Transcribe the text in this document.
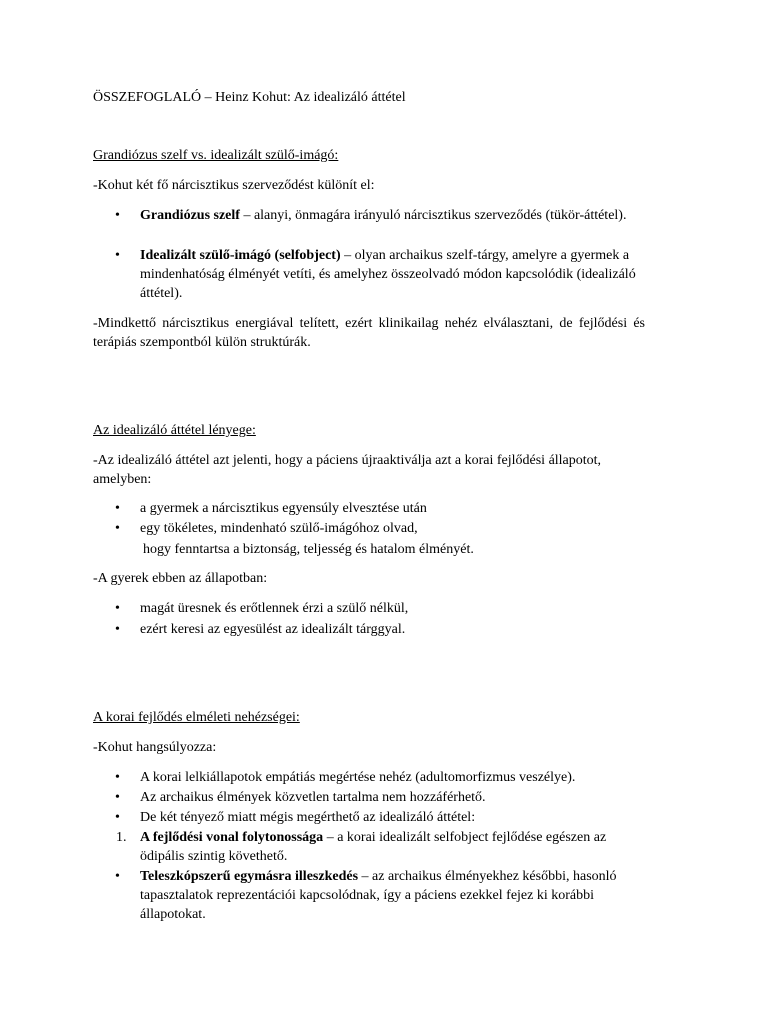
ÖSSZEFOGLALÓ – Heinz Kohut: Az idealizáló áttétel
Grandiózus szelf vs. idealizált szülő-imágó:
-Kohut két fő nárcisztikus szerveződést különít el:
• Grandiózus szelf – alanyi, önmagára irányuló nárcisztikus szerveződés (tükör-áttétel).

• Idealizált szülő-imágó (selfobject) – olyan archaikus szelf-tárgy, amelyre a gyermek a mindenhatóság élményét vetíti, és amelyhez összeolvadó módon kapcsolódik (idealizáló áttétel).

-Mindkettő nárcisztikus energiával telített, ezért klinikailag nehéz elválasztani, de fejlődési és terápiás szempontból külön struktúrák.
Az idealizáló áttétel lényege:
-Az idealizáló áttétel azt jelenti, hogy a páciens újraaktiválja azt a korai fejlődési állapotot, amelyben:
• a gyermek a nárcisztikus egyensúly elvesztése után
• egy tökéletes, mindenható szülő-imágóhoz olvad,
hogy fenntartsa a biztonság, teljesség és hatalom élményét.
-A gyerek ebben az állapotban:
• magát üresnek és erőtlennek érzi a szülő nélkül,
• ezért keresi az egyesülést az idealizált tárggyal.
A korai fejlődés elméleti nehézségei:
-Kohut hangsúlyozza:
• A korai lelkiállapotok empátiás megértése nehéz (adultomorfizmus veszélye).
• Az archaikus élmények közvetlen tartalma nem hozzáférhető.
• De két tényező miatt mégis megérthető az idealizáló áttétel:
1. A fejlődési vonal folytonossága – a korai idealizált selfobject fejlődése egészen az ödipális szintig követhető.

• Teleszkópszerű egymásra illeszkedés – az archaikus élményekhez későbbi, hasonló tapasztalatok reprezentációi kapcsolódnak, így a páciens ezekkel fejez ki korábbi állapotokat.
